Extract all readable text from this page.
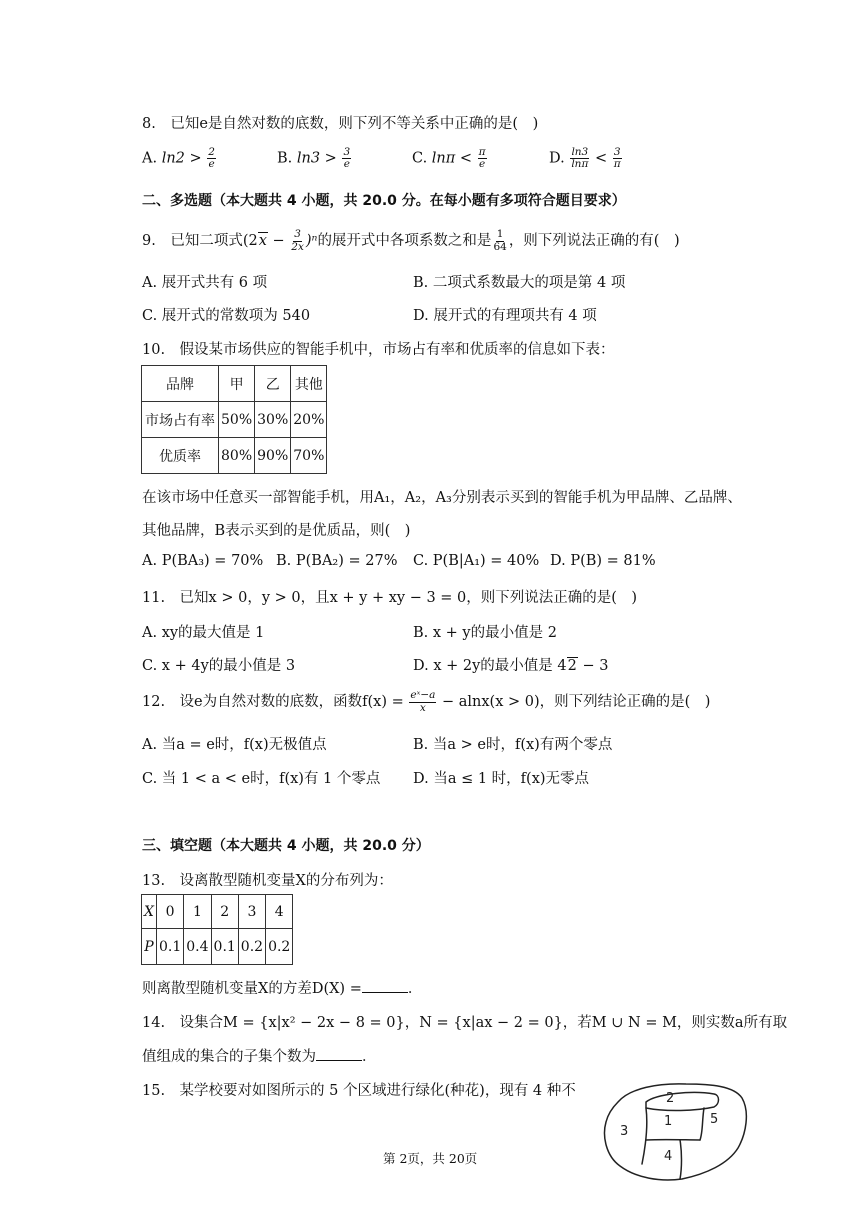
8.　已知e是自然对数的底数，则下列不等关系中正确的是(　)
A. $\ln 2 > \frac{2}{e}$	B. $\ln 3 > \frac{3}{e}$	C. $\ln\pi < \frac{\pi}{e}$	D. $\frac{\ln 3}{\ln\pi} < \frac{3}{\pi}$
二、多选题（本大题共 4 小题，共 20.0 分。在每小题有多项符合题目要求）
9.　已知二项式$(2x - \frac{3}{2x} )^n$的展开式中各项系数之和是 $\frac{1}{64}$ ，则下列说法正确的有(　)
A. 展开式共有 6 项	B. 二项式系数最大的项是第 4 项
C. 展开式的常数项为 540	D. 展开式的有理项共有 4 项
10.　假设某市场供应的智能手机中，市场占有率和优质率的信息如下表：
品牌	甲	乙	其他
市场占有率	50%	30%	20%
优质率	80%	90%	70%
在该市场中任意买一部智能手机，用A₁，A₂，A₃分别表示买到的智能手机为甲品牌、乙品牌、
其他品牌，B表示买到的是优质品，则(　)
A. P(BA₃) = 70% B. P(BA₂) = 27% C. P(B|A₁) = 40% D. P(B) = 81%
11.　已知x > 0，y > 0，且x + y + xy − 3 = 0，则下列说法正确的是(　)
A. xy的最大值是 1	B. x + y的最小值是 2
C. x + 4y的最小值是 3	D. x + 2y的最小值是 42 − 3
12.　设e为自然对数的底数，函数$f(x) = \frac{\text{eˣ−a}}{x} - alnx(x > 0)$，则下列结论正确的是(　)
A. 当a = e时，f(x)无极值点	B. 当a > e时，f(x)有两个零点
C. 当 1 < a < e时，f(x)有 1 个零点 D. 当a ≤ 1 时，f(x)无零点
三、填空题（本大题共 4 小题，共 20.0 分）
13.　设离散型随机变量X的分布列为：
X	0	1	2	3	4
P	0.1	0.4	0.1	0.2	0.2
则离散型随机变量X的方差D(X) =	．
14.　设集合M = {x|x² − 2x − 8 = 0}，N = {x|ax − 2 = 0}，若M ∪ N = M，则实数a所有取
值组成的集合的子集个数为	．
15.　某学校要对如图所示的 5 个区域进行绿化(种花)，现有 4 种不	2
1
3
5
4
第 2页，共 20页
